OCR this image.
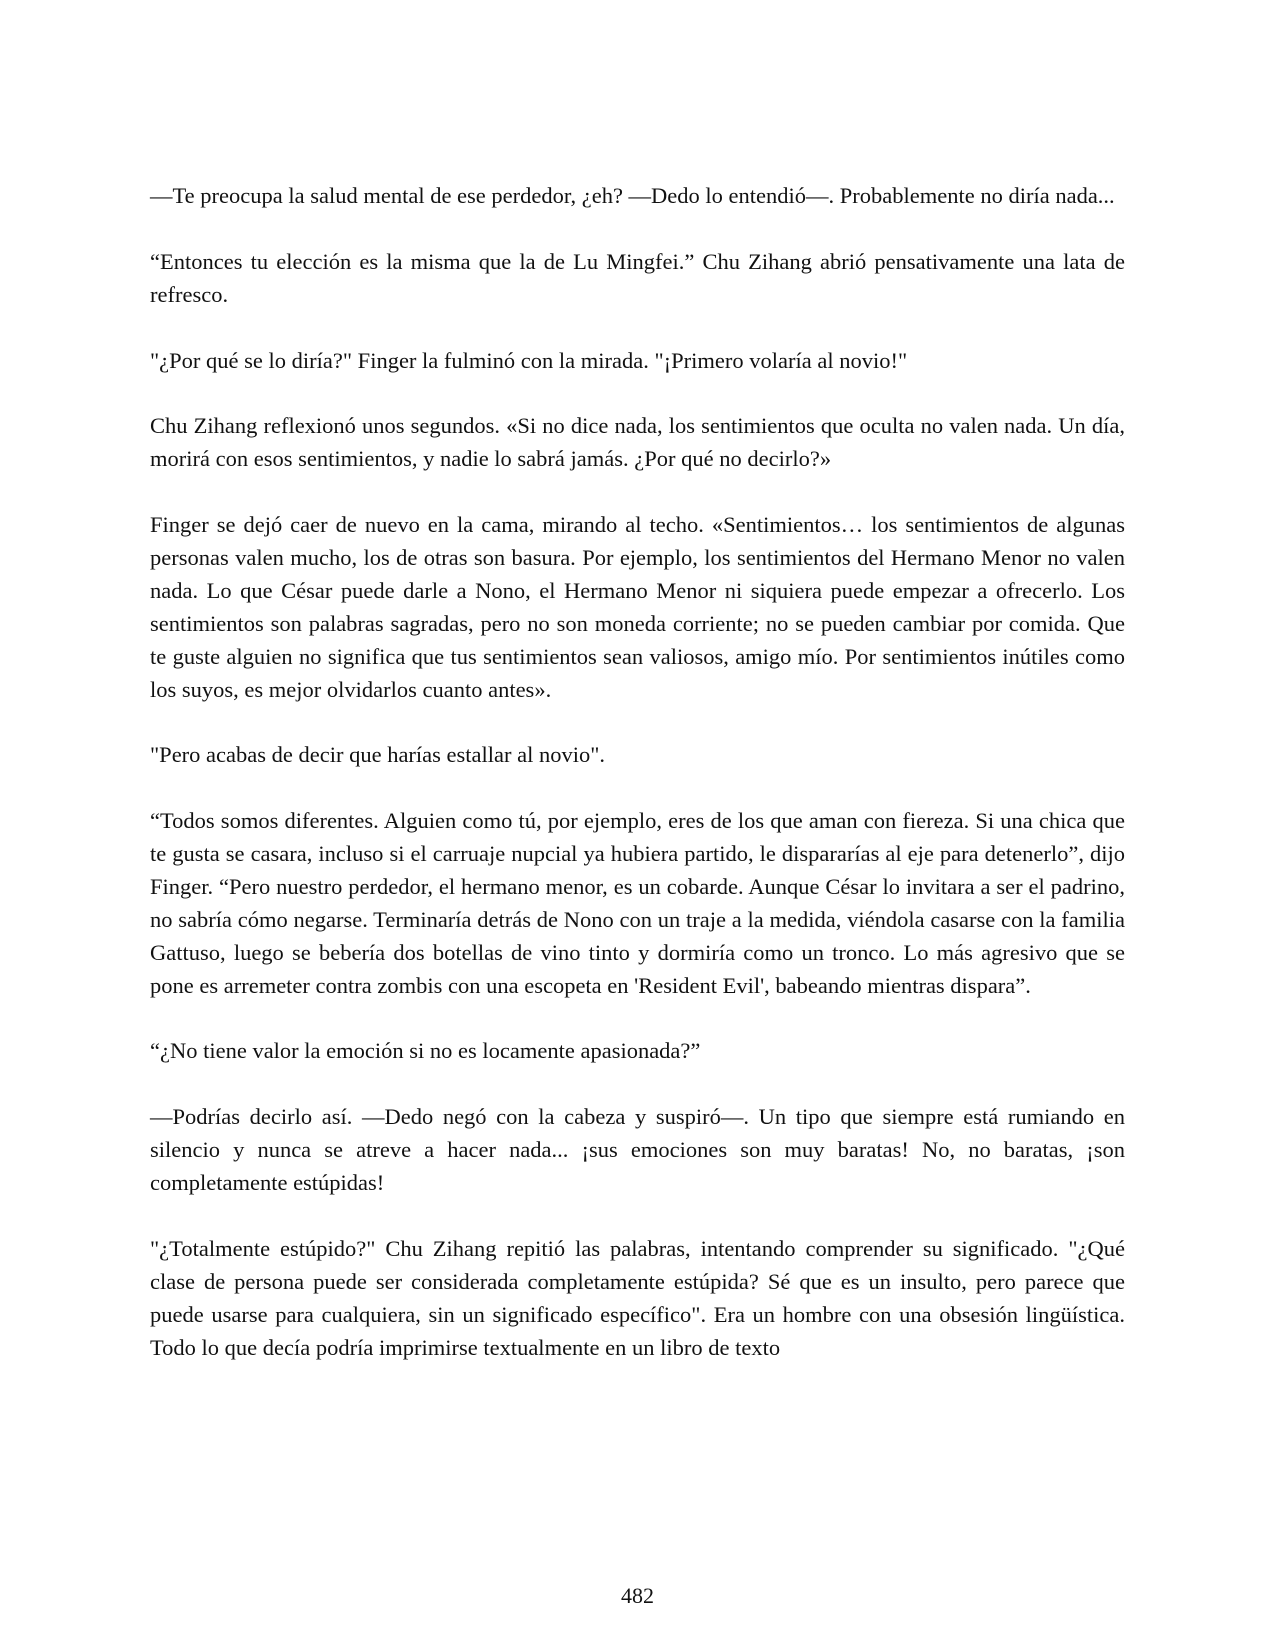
—Te preocupa la salud mental de ese perdedor, ¿eh? —Dedo lo entendió—. Probablemente no diría nada...

“Entonces tu elección es la misma que la de Lu Mingfei.” Chu Zihang abrió pensativamente una lata de refresco.

"¿Por qué se lo diría?" Finger la fulminó con la mirada. "¡Primero volaría al novio!"

Chu Zihang reflexionó unos segundos. «Si no dice nada, los sentimientos que oculta no valen nada. Un día, morirá con esos sentimientos, y nadie lo sabrá jamás. ¿Por qué no decirlo?»

Finger se dejó caer de nuevo en la cama, mirando al techo. «Sentimientos… los sentimientos de algunas personas valen mucho, los de otras son basura. Por ejemplo, los sentimientos del Hermano Menor no valen nada. Lo que César puede darle a Nono, el Hermano Menor ni siquiera puede empezar a ofrecerlo. Los sentimientos son palabras sagradas, pero no son moneda corriente; no se pueden cambiar por comida. Que te guste alguien no significa que tus sentimientos sean valiosos, amigo mío. Por sentimientos inútiles como los suyos, es mejor olvidarlos cuanto antes».

"Pero acabas de decir que harías estallar al novio".

“Todos somos diferentes. Alguien como tú, por ejemplo, eres de los que aman con fiereza. Si una chica que te gusta se casara, incluso si el carruaje nupcial ya hubiera partido, le dispararías al eje para detenerlo”, dijo Finger. “Pero nuestro perdedor, el hermano menor, es un cobarde. Aunque César lo invitara a ser el padrino, no sabría cómo negarse. Terminaría detrás de Nono con un traje a la medida, viéndola casarse con la familia Gattuso, luego se bebería dos botellas de vino tinto y dormiría como un tronco. Lo más agresivo que se pone es arremeter contra zombis con una escopeta en 'Resident Evil', babeando mientras dispara”.

“¿No tiene valor la emoción si no es locamente apasionada?”

—Podrías decirlo así. —Dedo negó con la cabeza y suspiró—. Un tipo que siempre está rumiando en silencio y nunca se atreve a hacer nada... ¡sus emociones son muy baratas! No, no baratas, ¡son completamente estúpidas!

"¿Totalmente estúpido?" Chu Zihang repitió las palabras, intentando comprender su significado. "¿Qué clase de persona puede ser considerada completamente estúpida? Sé que es un insulto, pero parece que puede usarse para cualquiera, sin un significado específico". Era un hombre con una obsesión lingüística. Todo lo que decía podría imprimirse textualmente en un libro de texto

482
